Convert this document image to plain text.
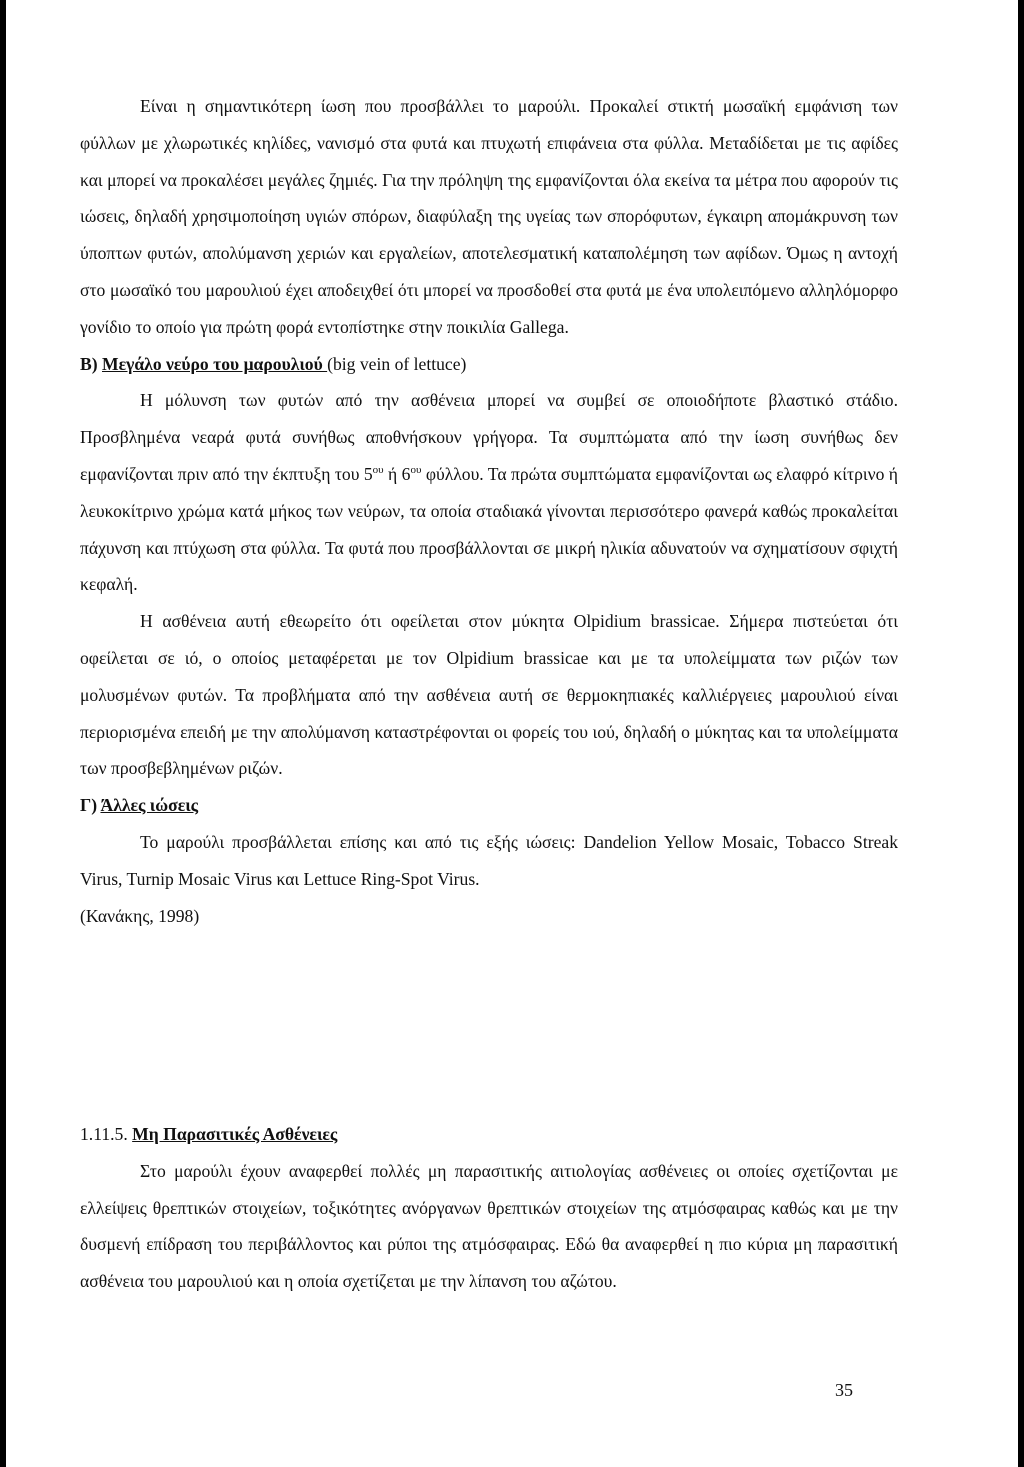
Είναι η σημαντικότερη ίωση που προσβάλλει το μαρούλι. Προκαλεί στικτή μωσαϊκή εμφάνιση των φύλλων με χλωρωτικές κηλίδες, νανισμό στα φυτά και πτυχωτή επιφάνεια στα φύλλα. Μεταδίδεται με τις αφίδες και μπορεί να προκαλέσει μεγάλες ζημιές. Για την πρόληψη της εμφανίζονται όλα εκείνα τα μέτρα που αφορούν τις ιώσεις, δηλαδή χρησιμοποίηση υγιών σπόρων, διαφύλαξη της υγείας των σπορόφυτων, έγκαιρη απομάκρυνση των ύποπτων φυτών, απολύμανση χεριών και εργαλείων, αποτελεσματική καταπολέμηση των αφίδων. Όμως η αντοχή στο μωσαϊκό του μαρουλιού έχει αποδειχθεί ότι μπορεί να προσδοθεί στα φυτά με ένα υπολειπόμενο αλληλόμορφο γονίδιο το οποίο για πρώτη φορά εντοπίστηκε στην ποικιλία Gallega.

Β) Μεγάλο νεύρο του μαρουλιού (big vein of lettuce)

Η μόλυνση των φυτών από την ασθένεια μπορεί να συμβεί σε οποιοδήποτε βλαστικό στάδιο. Προσβλημένα νεαρά φυτά συνήθως αποθνήσκουν γρήγορα. Τα συμπτώματα από την ίωση συνήθως δεν εμφανίζονται πριν από την έκπτυξη του $5^{o\upsilon}$ ή $6^{o\upsilon}$ φύλλου. Τα πρώτα συμπτώματα εμφανίζονται ως ελαφρό κίτρινο ή λευκοκίτρινο χρώμα κατά μήκος των νεύρων, τα οποία σταδιακά γίνονται περισσότερο φανερά καθώς προκαλείται πάχυνση και πτύχωση στα φύλλα. Τα φυτά που προσβάλλονται σε μικρή ηλικία αδυνατούν να σχηματίσουν σφιχτή κεφαλή.

Η ασθένεια αυτή εθεωρείτο ότι οφείλεται στον μύκητα Olpidium brassicae. Σήμερα πιστεύεται ότι οφείλεται σε ιό, ο οποίος μεταφέρεται με τον Olpidium brassicae και με τα υπολείμματα των ριζών των μολυσμένων φυτών. Τα προβλήματα από την ασθένεια αυτή σε θερμοκηπιακές καλλιέργειες μαρουλιού είναι περιορισμένα επειδή με την απολύμανση καταστρέφονται οι φορείς του ιού, δηλαδή ο μύκητας και τα υπολείμματα των προσβεβλημένων ριζών.

Γ) Άλλες ιώσεις

Το μαρούλι προσβάλλεται επίσης και από τις εξής ιώσεις: Dandelion Yellow Mosaic, Tobacco Streak Virus, Turnip Mosaic Virus και Lettuce Ring-Spot Virus.

(Κανάκης, 1998)

1.11.5. Μη Παρασιτικές Ασθένειες

Στο μαρούλι έχουν αναφερθεί πολλές μη παρασιτικής αιτιολογίας ασθένειες οι οποίες σχετίζονται με ελλείψεις θρεπτικών στοιχείων, τοξικότητες ανόργανων θρεπτικών στοιχείων της ατμόσφαιρας καθώς και με την δυσμενή επίδραση του περιβάλλοντος και ρύποι της ατμόσφαιρας. Εδώ θα αναφερθεί η πιο κύρια μη παρασιτική ασθένεια του μαρουλιού και η οποία σχετίζεται με την λίπανση του αζώτου.

35
